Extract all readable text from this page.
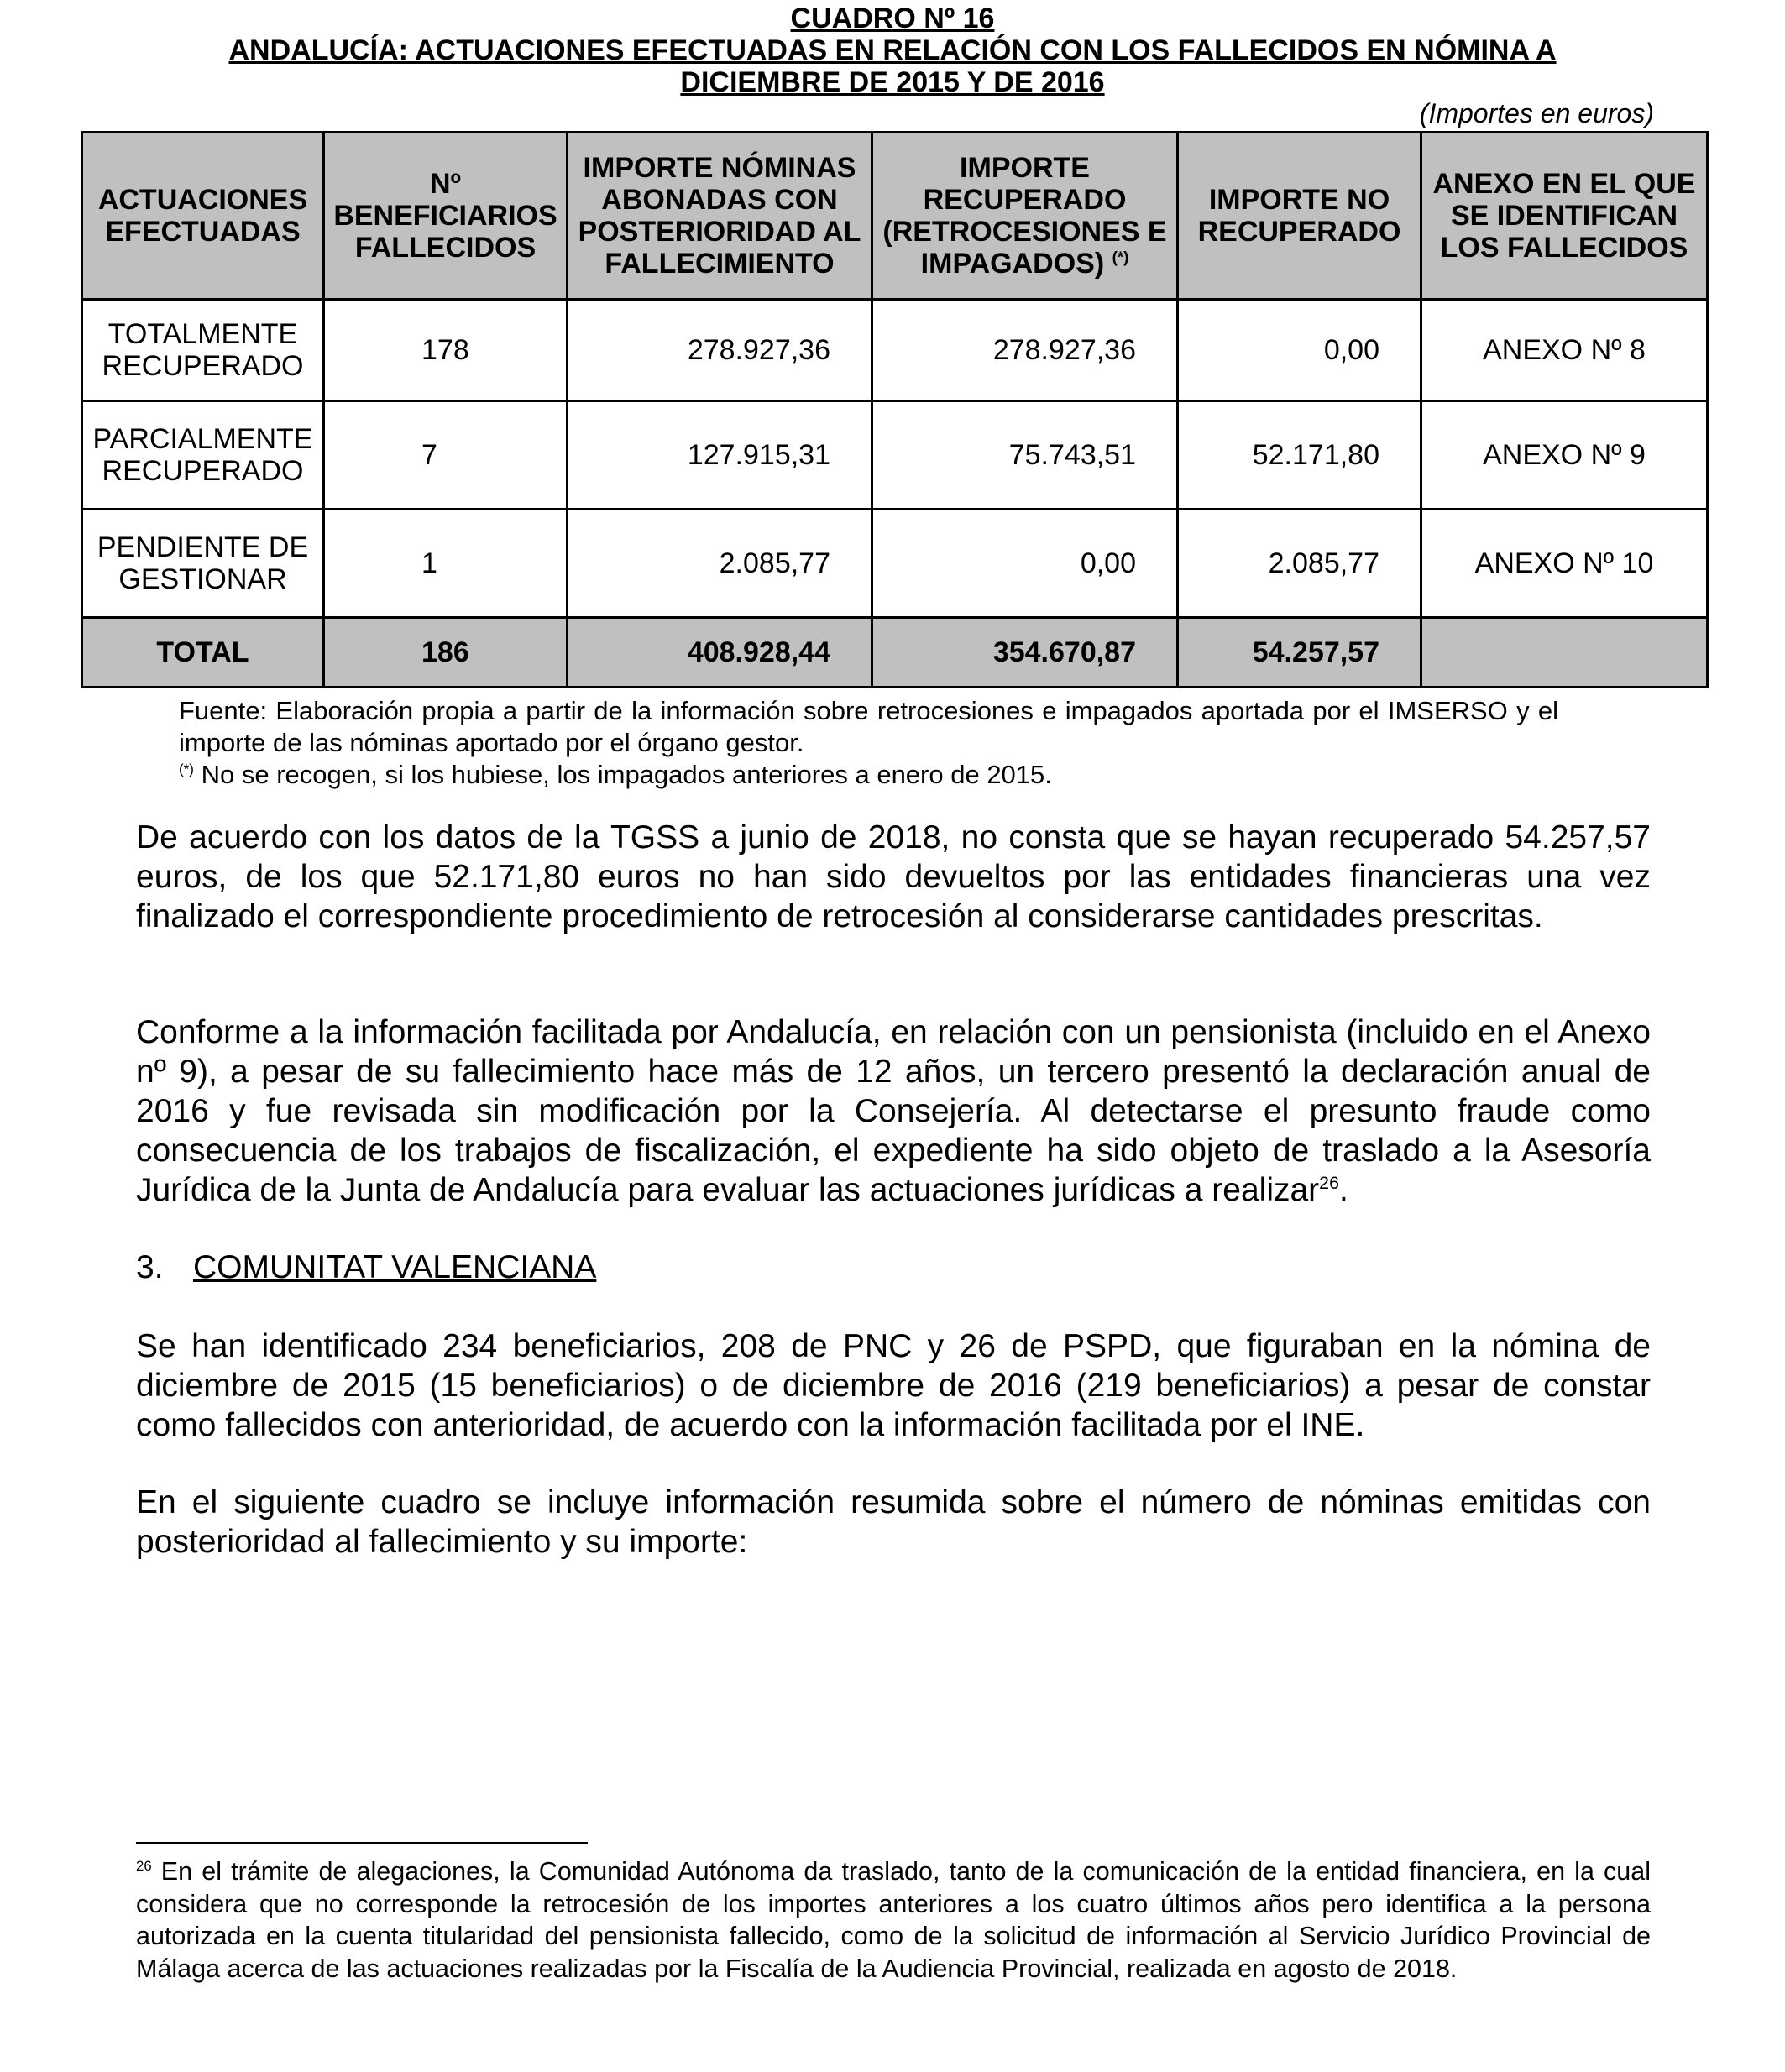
CUADRO Nº 16
ANDALUCÍA: ACTUACIONES EFECTUADAS EN RELACIÓN CON LOS FALLECIDOS EN NÓMINA A
DICIEMBRE DE 2015 Y DE 2016
(Importes en euros)
ACTUACIONES EFECTUADAS	Nº BENEFICIARIOS FALLECIDOS	IMPORTE NÓMINAS ABONADAS CON POSTERIORIDAD AL FALLECIMIENTO	IMPORTE RECUPERADO (RETROCESIONES E IMPAGADOS) (*)	IMPORTE NO RECUPERADO	ANEXO EN EL QUE SE IDENTIFICAN LOS FALLECIDOS
TOTALMENTE RECUPERADO	178	278.927,36	278.927,36	0,00	ANEXO Nº 8
PARCIALMENTE RECUPERADO	7	127.915,31	75.743,51	52.171,80	ANEXO Nº 9
PENDIENTE DE GESTIONAR	1	2.085,77	0,00	2.085,77	ANEXO Nº 10
TOTAL	186	408.928,44	354.670,87	54.257,57	
Fuente: Elaboración propia a partir de la información sobre retrocesiones e impagados aportada por el IMSERSO y el importe de las nóminas aportado por el órgano gestor.
(*) No se recogen, si los hubiese, los impagados anteriores a enero de 2015.
De acuerdo con los datos de la TGSS a junio de 2018, no consta que se hayan recuperado 54.257,57 euros, de los que 52.171,80 euros no han sido devueltos por las entidades financieras una vez finalizado el correspondiente procedimiento de retrocesión al considerarse cantidades prescritas.
Conforme a la información facilitada por Andalucía, en relación con un pensionista (incluido en el Anexo nº 9), a pesar de su fallecimiento hace más de 12 años, un tercero presentó la declaración anual de 2016 y fue revisada sin modificación por la Consejería. Al detectarse el presunto fraude como consecuencia de los trabajos de fiscalización, el expediente ha sido objeto de traslado a la Asesoría Jurídica de la Junta de Andalucía para evaluar las actuaciones jurídicas a realizar$^{26}$.
3. COMUNITAT VALENCIANA
Se han identificado 234 beneficiarios, 208 de PNC y 26 de PSPD, que figuraban en la nómina de diciembre de 2015 (15 beneficiarios) o de diciembre de 2016 (219 beneficiarios) a pesar de constar como fallecidos con anterioridad, de acuerdo con la información facilitada por el INE.
En el siguiente cuadro se incluye información resumida sobre el número de nóminas emitidas con posterioridad al fallecimiento y su importe:
$^{26}$ En el trámite de alegaciones, la Comunidad Autónoma da traslado, tanto de la comunicación de la entidad financiera, en la cual considera que no corresponde la retrocesión de los importes anteriores a los cuatro últimos años pero identifica a la persona autorizada en la cuenta titularidad del pensionista fallecido, como de la solicitud de información al Servicio Jurídico Provincial de Málaga acerca de las actuaciones realizadas por la Fiscalía de la Audiencia Provincial, realizada en agosto de 2018.
